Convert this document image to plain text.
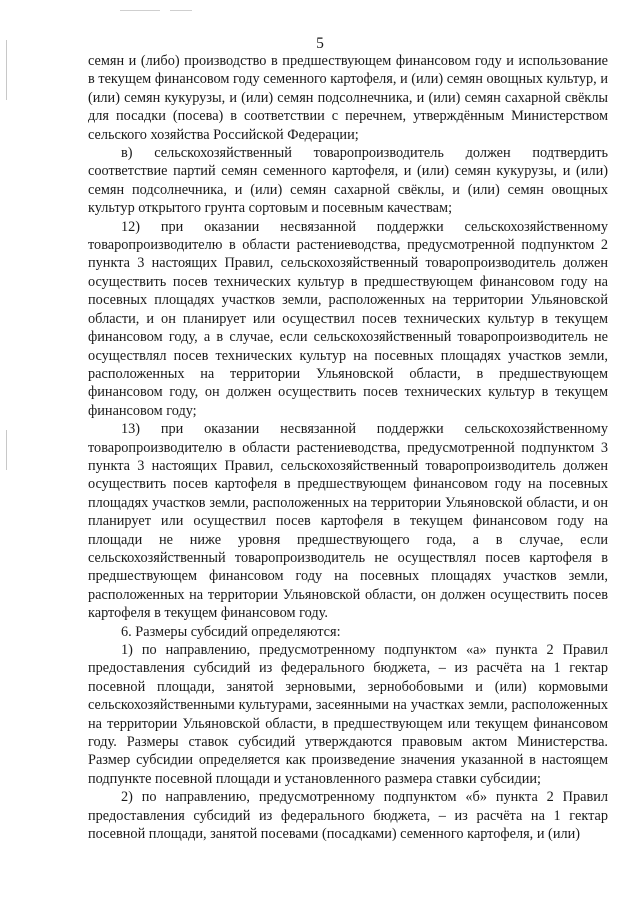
5

семян и (либо) производство в предшествующем финансовом году и использование в текущем финансовом году семенного картофеля, и (или) семян овощных культур, и (или) семян кукурузы, и (или) семян подсолнечника, и (или) семян сахарной свёклы для посадки (посева) в соответствии с перечнем, утверждённым Министерством сельского хозяйства Российской Федерации;

в) сельскохозяйственный товаропроизводитель должен подтвердить соответствие партий семян семенного картофеля, и (или) семян кукурузы, и (или) семян подсолнечника, и (или) семян сахарной свёклы, и (или) семян овощных культур открытого грунта сортовым и посевным качествам;

12) при оказании несвязанной поддержки сельскохозяйственному товаропроизводителю в области растениеводства, предусмотренной подпунктом 2 пункта 3 настоящих Правил, сельскохозяйственный товаропроизводитель должен осуществить посев технических культур в предшествующем финансовом году на посевных площадях участков земли, расположенных на территории Ульяновской области, и он планирует или осуществил посев технических культур в текущем финансовом году, а в случае, если сельскохозяйственный товаропроизводитель не осуществлял посев технических культур на посевных площадях участков земли, расположенных на территории Ульяновской области, в предшествующем финансовом году, он должен осуществить посев технических культур в текущем финансовом году;

13) при оказании несвязанной поддержки сельскохозяйственному товаропроизводителю в области растениеводства, предусмотренной подпунктом 3 пункта 3 настоящих Правил, сельскохозяйственный товаропроизводитель должен осуществить посев картофеля в предшествующем финансовом году на посевных площадях участков земли, расположенных на территории Ульяновской области, и он планирует или осуществил посев картофеля в текущем финансовом году на площади не ниже уровня предшествующего года, а в случае, если сельскохозяйственный товаропроизводитель не осуществлял посев картофеля в предшествующем финансовом году на посевных площадях участков земли, расположенных на территории Ульяновской области, он должен осуществить посев картофеля в текущем финансовом году.

6. Размеры субсидий определяются:

1) по направлению, предусмотренному подпунктом «а» пункта 2 Правил предоставления субсидий из федерального бюджета, – из расчёта на 1 гектар посевной площади, занятой зерновыми, зернобобовыми и (или) кормовыми сельскохозяйственными культурами, засеянными на участках земли, расположенных на территории Ульяновской области, в предшествующем или текущем финансовом году. Размеры ставок субсидий утверждаются правовым актом Министерства. Размер субсидии определяется как произведение значения указанной в настоящем подпункте посевной площади и установленного размера ставки субсидии;

2) по направлению, предусмотренному подпунктом «б» пункта 2 Правил предоставления субсидий из федерального бюджета, – из расчёта на 1 гектар посевной площади, занятой посевами (посадками) семенного картофеля, и (или)
